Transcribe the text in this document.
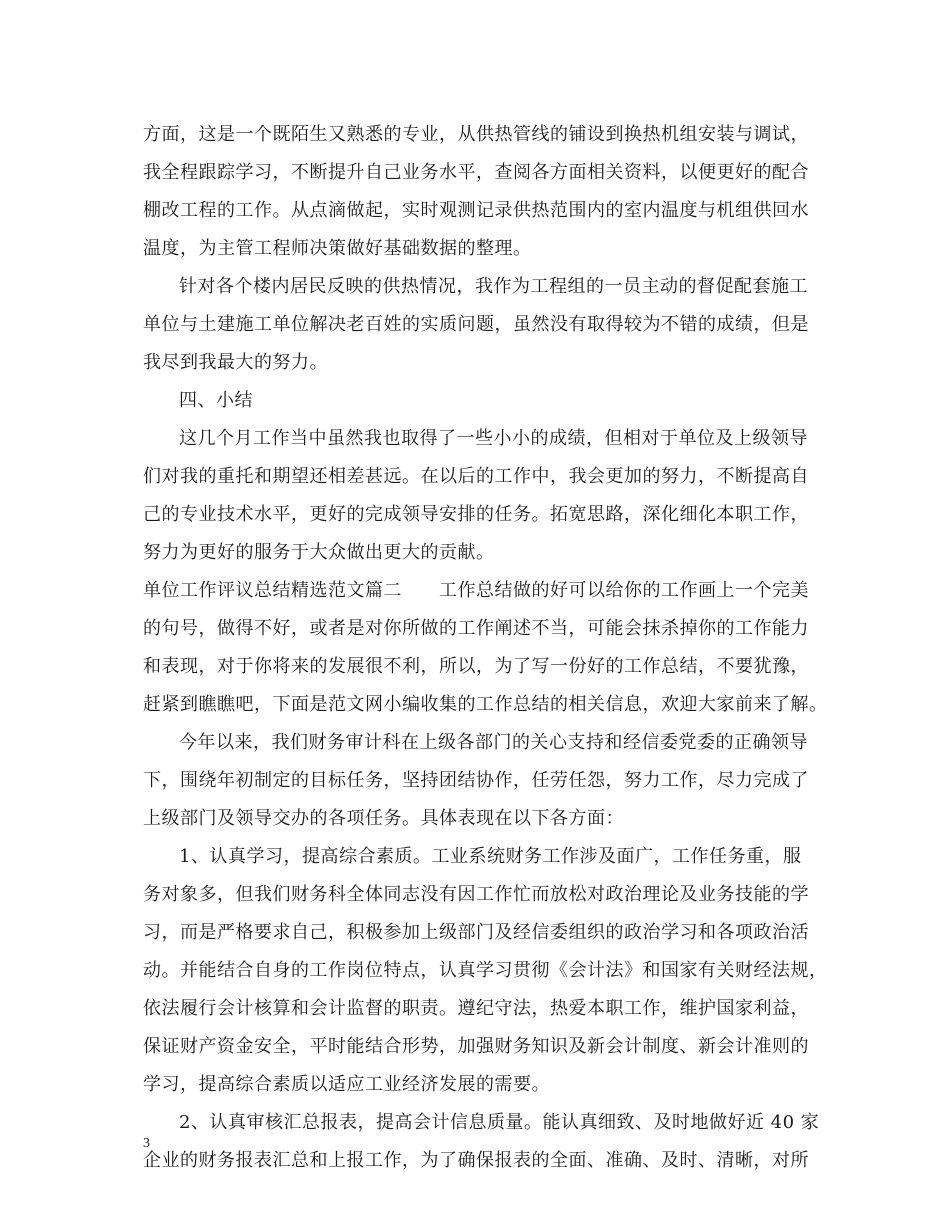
方面，这是一个既陌生又熟悉的专业，从供热管线的铺设到换热机组安装与调试，
我全程跟踪学习，不断提升自己业务水平，查阅各方面相关资料，以便更好的配合
棚改工程的工作。从点滴做起，实时观测记录供热范围内的室内温度与机组供回水
温度，为主管工程师决策做好基础数据的整理。
针对各个楼内居民反映的供热情况，我作为工程组的一员主动的督促配套施工
单位与土建施工单位解决老百姓的实质问题，虽然没有取得较为不错的成绩，但是
我尽到我最大的努力。
四、小结
这几个月工作当中虽然我也取得了一些小小的成绩，但相对于单位及上级领导
们对我的重托和期望还相差甚远。在以后的工作中，我会更加的努力，不断提高自
己的专业技术水平，更好的完成领导安排的任务。拓宽思路，深化细化本职工作，
努力为更好的服务于大众做出更大的贡献。
单位工作评议总结精选范文篇二　　工作总结做的好可以给你的工作画上一个完美
的句号，做得不好，或者是对你所做的工作阐述不当，可能会抹杀掉你的工作能力
和表现，对于你将来的发展很不利，所以，为了写一份好的工作总结，不要犹豫，
赶紧到瞧瞧吧，下面是范文网小编收集的工作总结的相关信息，欢迎大家前来了解。
今年以来，我们财务审计科在上级各部门的关心支持和经信委党委的正确领导
下，围绕年初制定的目标任务，坚持团结协作，任劳任怨，努力工作，尽力完成了
上级部门及领导交办的各项任务。具体表现在以下各方面：
1、认真学习，提高综合素质。工业系统财务工作涉及面广，工作任务重，服
务对象多，但我们财务科全体同志没有因工作忙而放松对政治理论及业务技能的学
习，而是严格要求自己，积极参加上级部门及经信委组织的政治学习和各项政治活
动。并能结合自身的工作岗位特点，认真学习贯彻《会计法》和国家有关财经法规，
依法履行会计核算和会计监督的职责。遵纪守法，热爱本职工作，维护国家利益，
保证财产资金安全，平时能结合形势，加强财务知识及新会计制度、新会计准则的
学习，提高综合素质以适应工业经济发展的需要。
2、认真审核汇总报表，提高会计信息质量。能认真细致、及时地做好近 40 家
企业的财务报表汇总和上报工作，为了确保报表的全面、准确、及时、清晰，对所
3
